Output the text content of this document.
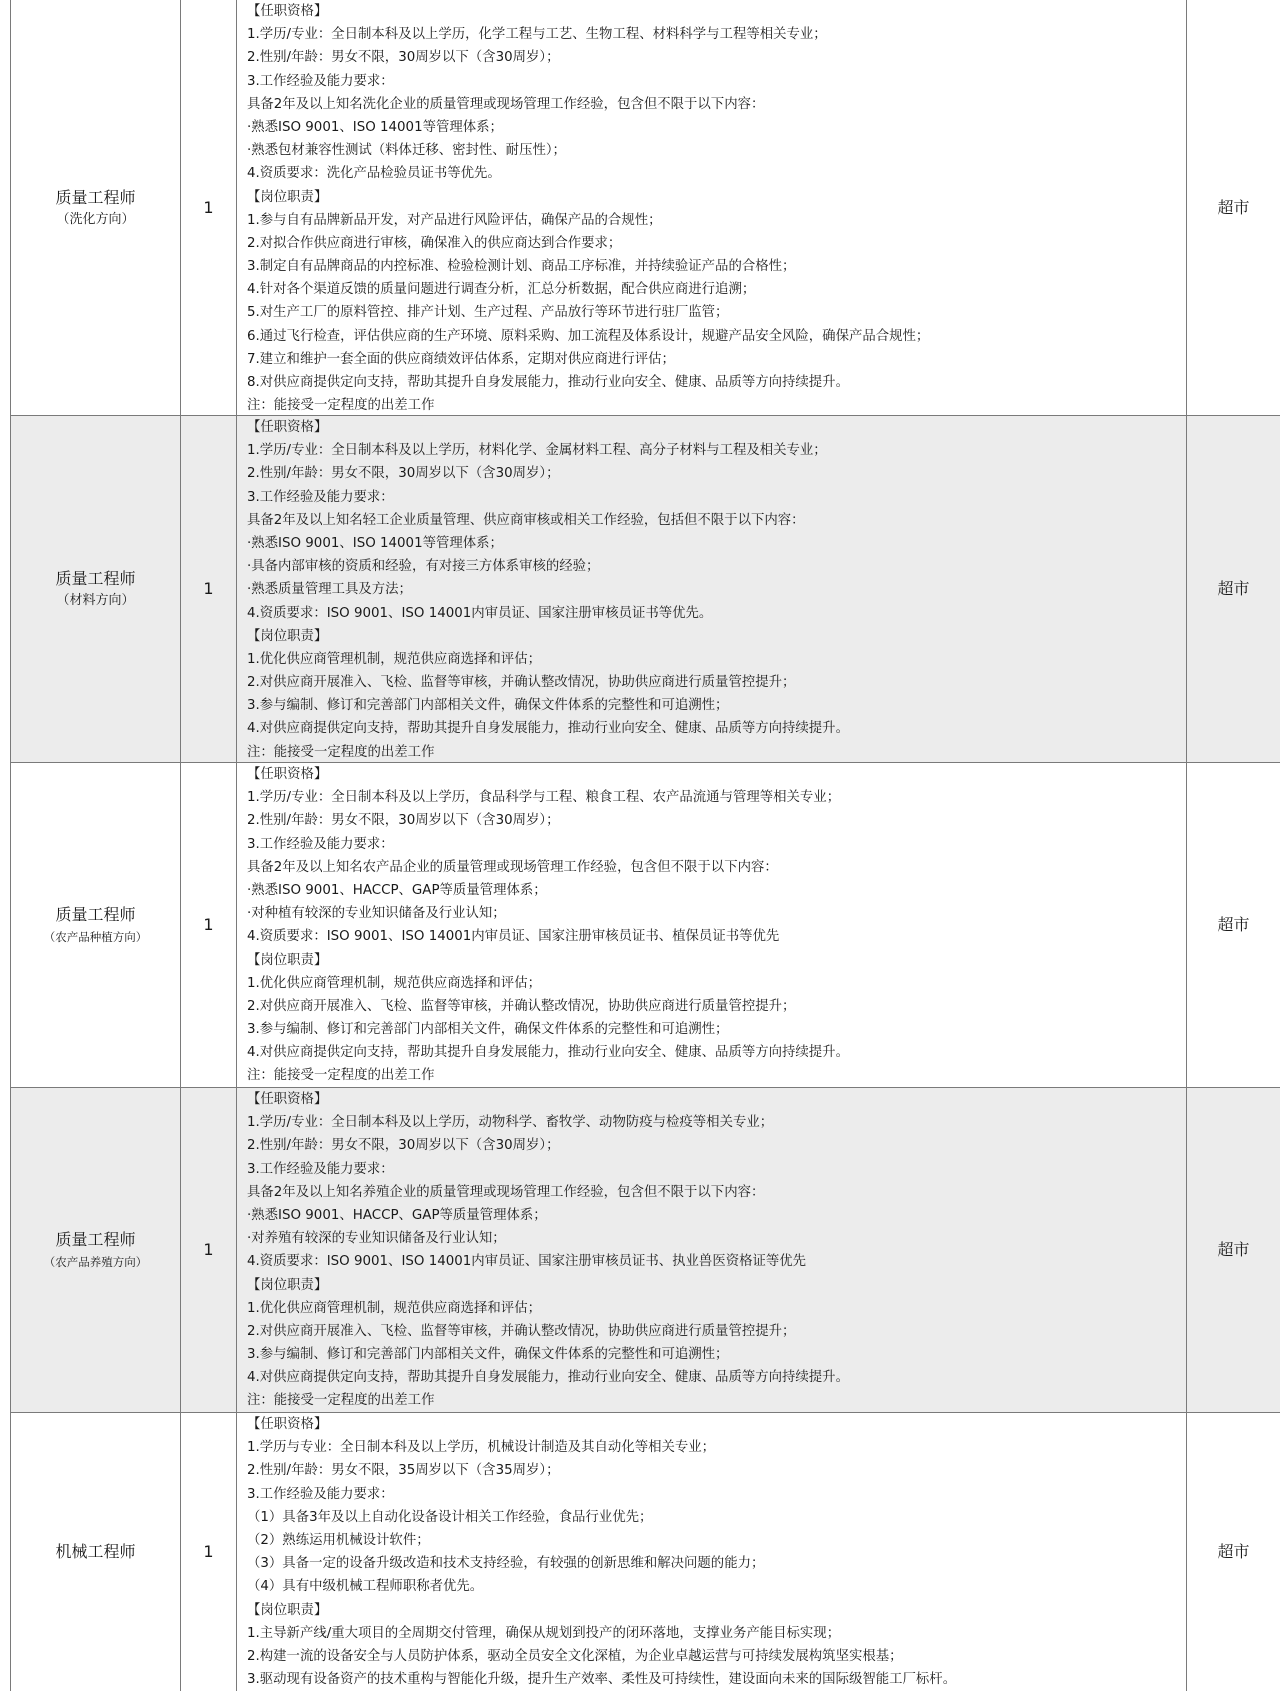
质量工程师
（洗化方向）
1
【任职资格】
1.学历/专业：全日制本科及以上学历，化学工程与工艺、生物工程、材料科学与工程等相关专业；
2.性别/年龄：男女不限，30周岁以下（含30周岁）；
3.工作经验及能力要求：
具备2年及以上知名洗化企业的质量管理或现场管理工作经验，包含但不限于以下内容：
·熟悉ISO 9001、ISO 14001等管理体系；
·熟悉包材兼容性测试（料体迁移、密封性、耐压性）；
4.资质要求：洗化产品检验员证书等优先。
【岗位职责】
1.参与自有品牌新品开发，对产品进行风险评估，确保产品的合规性；
2.对拟合作供应商进行审核，确保准入的供应商达到合作要求；
3.制定自有品牌商品的内控标准、检验检测计划、商品工序标准，并持续验证产品的合格性；
4.针对各个渠道反馈的质量问题进行调查分析，汇总分析数据，配合供应商进行追溯；
5.对生产工厂的原料管控、排产计划、生产过程、产品放行等环节进行驻厂监管；
6.通过飞行检查，评估供应商的生产环境、原料采购、加工流程及体系设计，规避产品安全风险，确保产品合规性；
7.建立和维护一套全面的供应商绩效评估体系，定期对供应商进行评估；
8.对供应商提供定向支持，帮助其提升自身发展能力，推动行业向安全、健康、品质等方向持续提升。
注：能接受一定程度的出差工作
超市
质量工程师
（材料方向）
1
【任职资格】
1.学历/专业：全日制本科及以上学历，材料化学、金属材料工程、高分子材料与工程及相关专业；
2.性别/年龄：男女不限，30周岁以下（含30周岁）；
3.工作经验及能力要求：
具备2年及以上知名轻工企业质量管理、供应商审核或相关工作经验，包括但不限于以下内容：
·熟悉ISO 9001、ISO 14001等管理体系；
·具备内部审核的资质和经验，有对接三方体系审核的经验；
·熟悉质量管理工具及方法；
4.资质要求：ISO 9001、ISO 14001内审员证、国家注册审核员证书等优先。
【岗位职责】
1.优化供应商管理机制，规范供应商选择和评估；
2.对供应商开展准入、飞检、监督等审核，并确认整改情况，协助供应商进行质量管控提升；
3.参与编制、修订和完善部门内部相关文件，确保文件体系的完整性和可追溯性；
4.对供应商提供定向支持，帮助其提升自身发展能力，推动行业向安全、健康、品质等方向持续提升。
注：能接受一定程度的出差工作
超市
质量工程师
（农产品种植方向）
1
【任职资格】
1.学历/专业：全日制本科及以上学历，食品科学与工程、粮食工程、农产品流通与管理等相关专业；
2.性别/年龄：男女不限，30周岁以下（含30周岁）；
3.工作经验及能力要求：
具备2年及以上知名农产品企业的质量管理或现场管理工作经验，包含但不限于以下内容：
·熟悉ISO 9001、HACCP、GAP等质量管理体系；
·对种植有较深的专业知识储备及行业认知；
4.资质要求：ISO 9001、ISO 14001内审员证、国家注册审核员证书、植保员证书等优先
【岗位职责】
1.优化供应商管理机制，规范供应商选择和评估；
2.对供应商开展准入、飞检、监督等审核，并确认整改情况，协助供应商进行质量管控提升；
3.参与编制、修订和完善部门内部相关文件，确保文件体系的完整性和可追溯性；
4.对供应商提供定向支持，帮助其提升自身发展能力，推动行业向安全、健康、品质等方向持续提升。
注：能接受一定程度的出差工作
超市
质量工程师
（农产品养殖方向）
1
【任职资格】
1.学历/专业：全日制本科及以上学历，动物科学、畜牧学、动物防疫与检疫等相关专业；
2.性别/年龄：男女不限，30周岁以下（含30周岁）；
3.工作经验及能力要求：
具备2年及以上知名养殖企业的质量管理或现场管理工作经验，包含但不限于以下内容：
·熟悉ISO 9001、HACCP、GAP等质量管理体系；
·对养殖有较深的专业知识储备及行业认知；
4.资质要求：ISO 9001、ISO 14001内审员证、国家注册审核员证书、执业兽医资格证等优先
【岗位职责】
1.优化供应商管理机制，规范供应商选择和评估；
2.对供应商开展准入、飞检、监督等审核，并确认整改情况，协助供应商进行质量管控提升；
3.参与编制、修订和完善部门内部相关文件，确保文件体系的完整性和可追溯性；
4.对供应商提供定向支持，帮助其提升自身发展能力，推动行业向安全、健康、品质等方向持续提升。
注：能接受一定程度的出差工作
超市
机械工程师	1
【任职资格】
1.学历与专业：全日制本科及以上学历，机械设计制造及其自动化等相关专业；
2.性别/年龄：男女不限，35周岁以下（含35周岁）；
3.工作经验及能力要求：
（1）具备3年及以上自动化设备设计相关工作经验，食品行业优先；
（2）熟练运用机械设计软件；
（3）具备一定的设备升级改造和技术支持经验，有较强的创新思维和解决问题的能力；
（4）具有中级机械工程师职称者优先。
【岗位职责】
1.主导新产线/重大项目的全周期交付管理，确保从规划到投产的闭环落地，支撑业务产能目标实现；
2.构建一流的设备安全与人员防护体系，驱动全员安全文化深植，为企业卓越运营与可持续发展构筑坚实根基；
3.驱动现有设备资产的技术重构与智能化升级，提升生产效率、柔性及可持续性，建设面向未来的国际级智能工厂标杆。
超市
